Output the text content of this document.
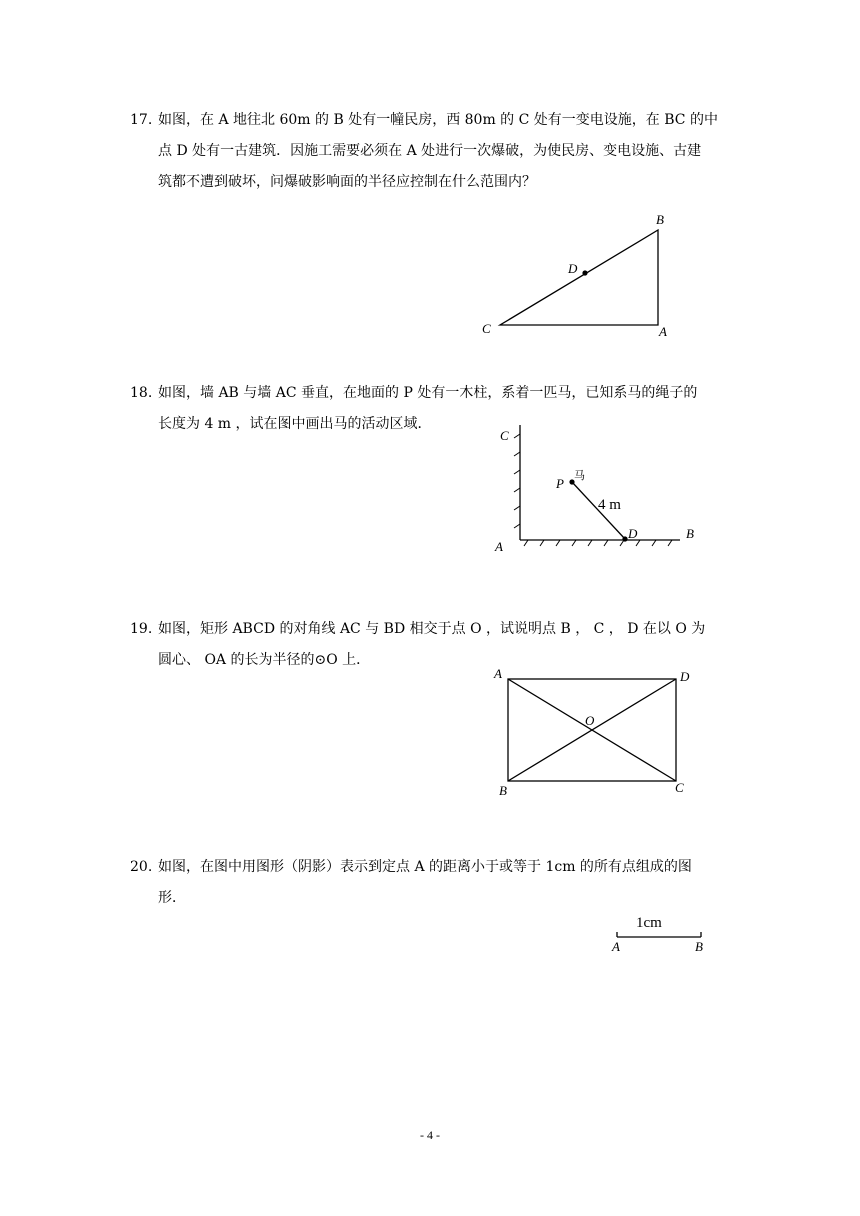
17. 如图，在 A 地往北 60m 的 B 处有一幢民房，西 80m 的 C 处有一变电设施，在 BC 的中
点 D 处有一古建筑．因施工需要必须在 A 处进行一次爆破，为使民房、变电设施、古建
筑都不遭到破坏，问爆破影响面的半径应控制在什么范围内？
B
D
C	A
18. 如图，墙 AB 与墙 AC 垂直，在地面的 P 处有一木柱，系着一匹马，已知系马的绳子的
长度为 4 m ，试在图中画出马的活动区域．
C
P
马
4 m
D	B
A
19. 如图，矩形 ABCD 的对角线 AC 与 BD 相交于点 O ，试说明点 B ， C ， D 在以 O 为
圆心、 OA 的长为半径的⊙O 上．
A	D
O
B	C
20. 如图，在图中用图形（阴影）表示到定点 A 的距离小于或等于 1cm 的所有点组成的图
形．
1cm
A	B
- 4 -
